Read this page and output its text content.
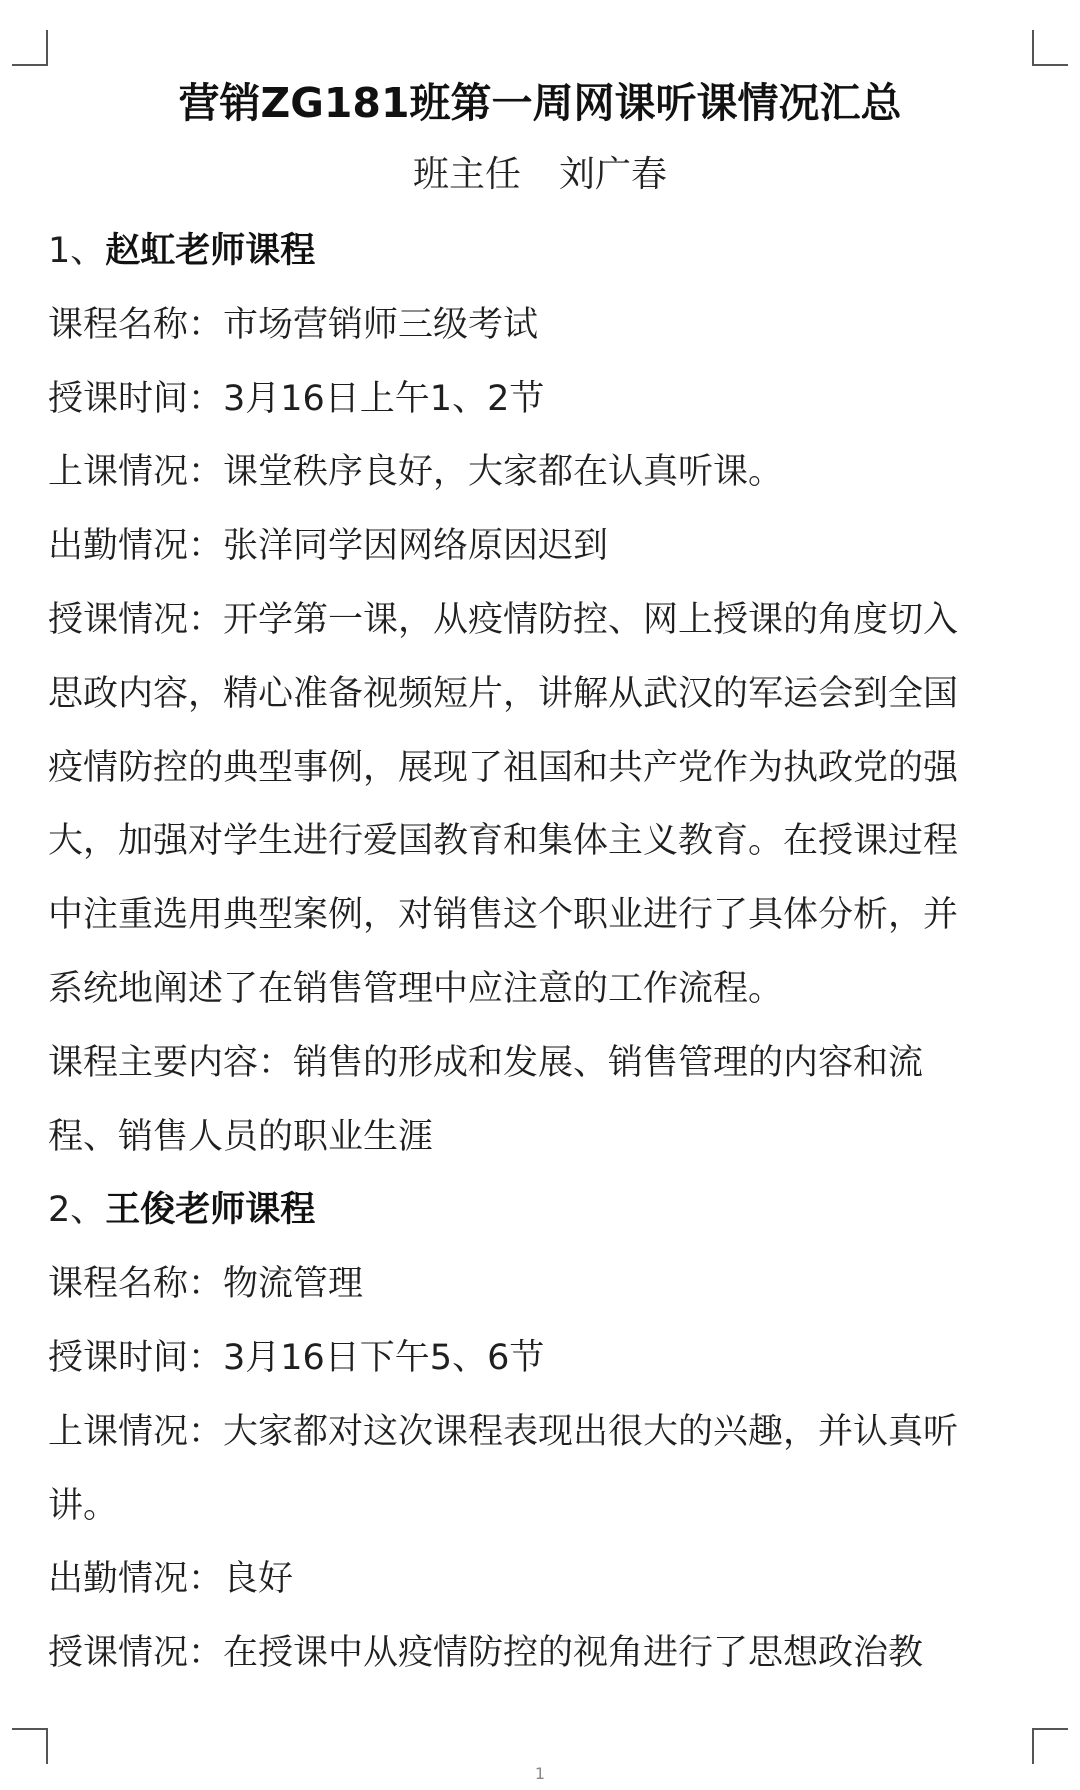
营销ZG181班第一周网课听课情况汇总
班主任 刘广春
1、赵虹老师课程
课程名称：市场营销师三级考试
授课时间：3月16日上午1、2节
上课情况：课堂秩序良好，大家都在认真听课。
出勤情况：张洋同学因网络原因迟到
授课情况：开学第一课，从疫情防控、网上授课的角度切入
思政内容，精心准备视频短片，讲解从武汉的军运会到全国
疫情防控的典型事例，展现了祖国和共产党作为执政党的强
大，加强对学生进行爱国教育和集体主义教育。在授课过程
中注重选用典型案例，对销售这个职业进行了具体分析，并
系统地阐述了在销售管理中应注意的工作流程。
课程主要内容：销售的形成和发展、销售管理的内容和流
程、销售人员的职业生涯
2、王俊老师课程
课程名称：物流管理
授课时间：3月16日下午5、6节
上课情况：大家都对这次课程表现出很大的兴趣，并认真听
讲。
出勤情况：良好
授课情况：在授课中从疫情防控的视角进行了思想政治教
1
